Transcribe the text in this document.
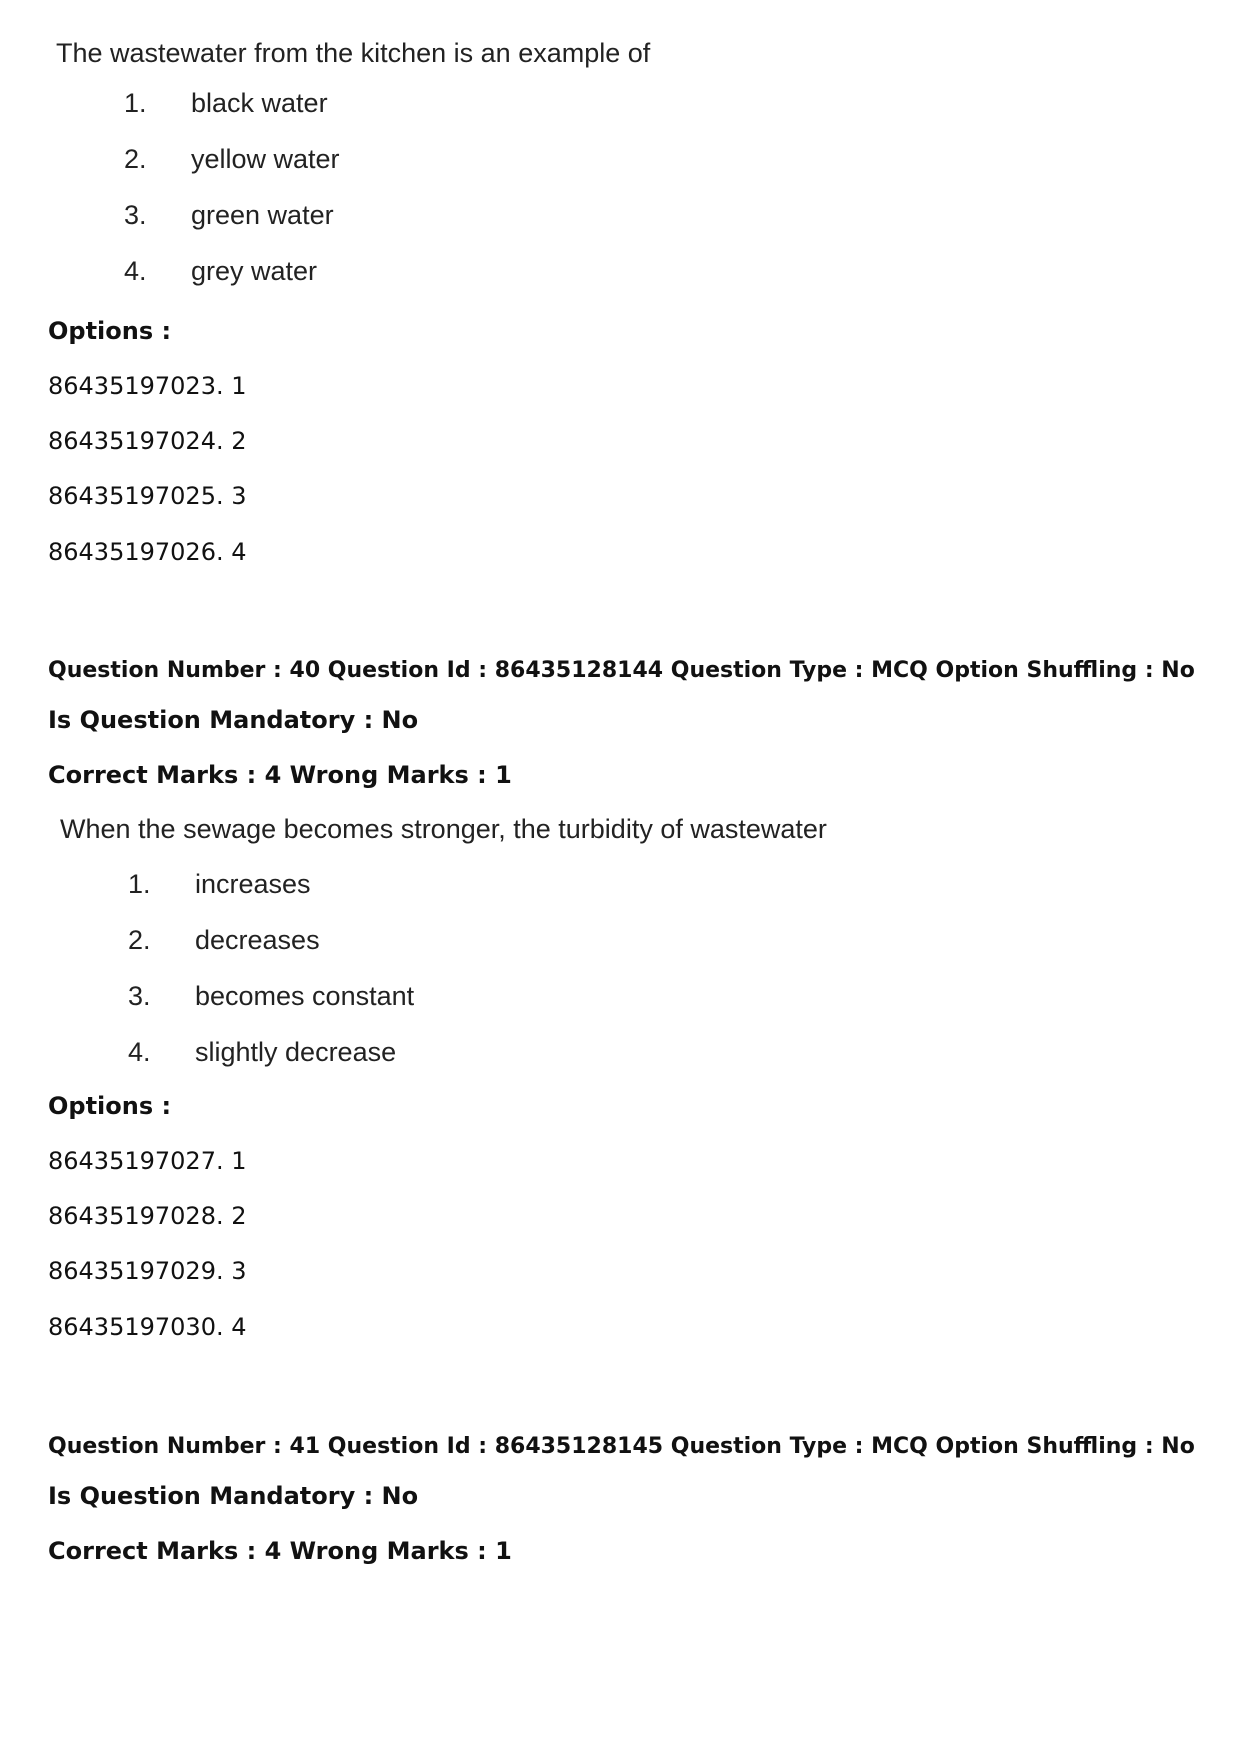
The wastewater from the kitchen is an example of
1. black water
2. yellow water
3. green water
4. grey water
Options :
86435197023. 1
86435197024. 2
86435197025. 3
86435197026. 4
Question Number : 40 Question Id : 86435128144 Question Type : MCQ Option Shuffling : No
Is Question Mandatory : No
Correct Marks : 4 Wrong Marks : 1
When the sewage becomes stronger, the turbidity of wastewater
1. increases
2. decreases
3. becomes constant
4. slightly decrease
Options :
86435197027. 1
86435197028. 2
86435197029. 3
86435197030. 4
Question Number : 41 Question Id : 86435128145 Question Type : MCQ Option Shuffling : No
Is Question Mandatory : No
Correct Marks : 4 Wrong Marks : 1
